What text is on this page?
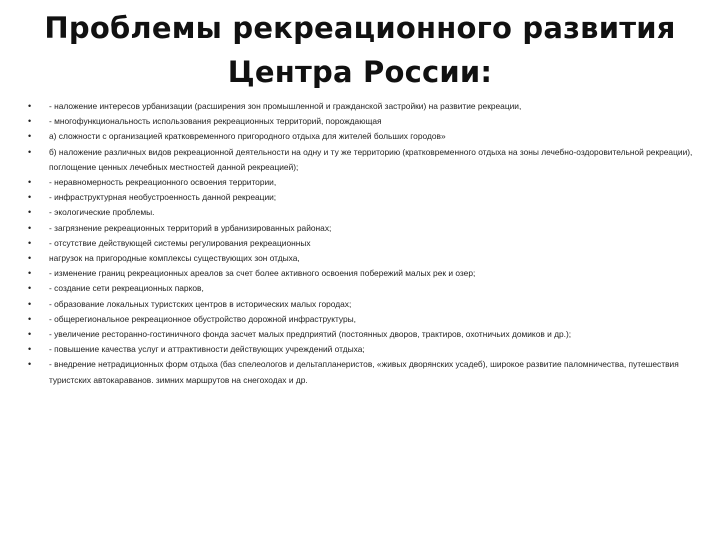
Проблемы рекреационного развития
Центра России:
• - наложение интересов урбанизации (расширения зон промышленной и гражданской застройки) на развитие рекреации,
• - многофункциональность использования рекреационных территорий, порождающая
• а) сложности с организацией кратковременного пригородного отдыха для жителей больших городов»
• б) наложение различных видов рекреационной деятельности на одну и ту же территорию (кратковременного отдыха на зоны лечебно-оздоровительной рекреации), поглощение ценных лечебных местностей данной рекреацией);
• - неравномерность рекреационного освоения территории,
• - инфраструктурная необустроенность данной рекреации;
• - экологические проблемы.
• - загрязнение рекреационных территорий в урбанизированных районах;
• - отсутствие действующей системы регулирования рекреационных
• нагрузок на пригородные комплексы существующих зон отдыха,
• - изменение границ рекреационных ареалов за счет более активного освоения побережий малых рек и озер;
• - создание сети рекреационных парков,
• - образование локальных туристских центров в исторических малых городах;
• - общерегиональное рекреационное обустройство дорожной инфраструктуры,
• - увеличение ресторанно-гостиничного фонда засчет малых предприятий (постоянных дворов, трактиров, охотничьих домиков и др.);
• - повышение качества услуг и аттрактивности действующих учреждений отдыха;
• - внедрение нетрадиционных форм отдыха (баз спелеологов и дельтапланеристов, «живых дворянских усадеб), широкое развитие паломничества, путешествия туристских автокараванов. зимних маршрутов на снегоходах и др.
